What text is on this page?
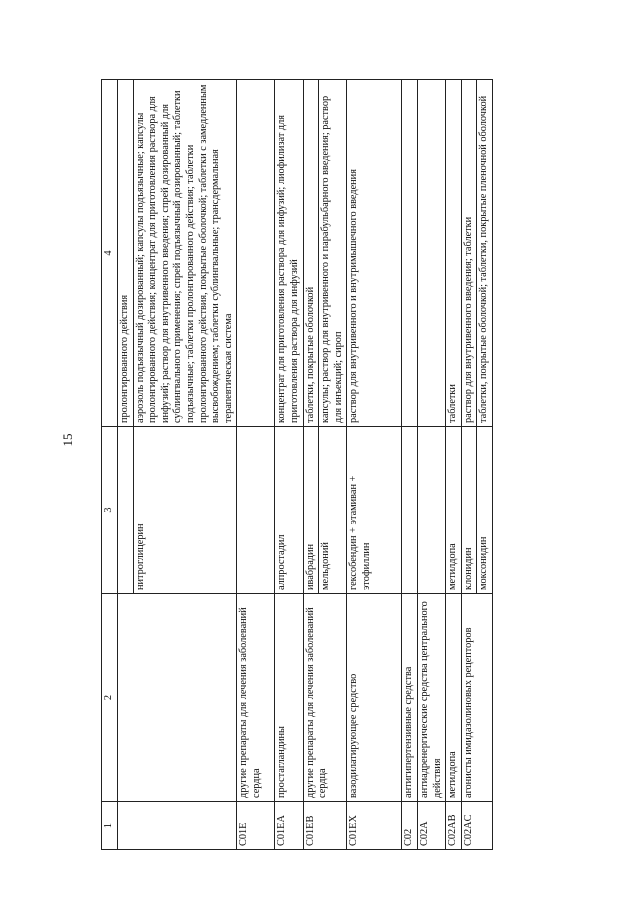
15
1	2	3	4
			пролонгированного действия
		нитроглицерин	аэрозоль подъязычный дозированный; капсулы подъязычные; капсулы пролонгированного действия; концентрат для приготовления раствора для инфузий; раствор для внутривенного введения; спрей дозированный для сублингвального применения; спрей подъязычный дозированный; таблетки подъязычные; таблетки пролонгированного действия; таблетки пролонгированного действия, покрытые оболочкой; таблетки с замедленным высвобождением; таблетки сублингвальные; трансдермальная терапевтическая система
C01E	другие препараты для лечения заболеваний сердца		
C01EA	простагландины	алпростадил	концентрат для приготовления раствора для инфузий; лиофилизат для приготовления раствора для инфузий
C01EB	другие препараты для лечения заболеваний сердца	ивабрадин	таблетки, покрытые оболочкой
		мельдоний	капсулы; раствор для внутривенного и парабульбарного введения; раствор для инъекций; сироп
C01EX	вазодилатирующее средство	гексобендин + этамиван + этофиллин	раствор для внутривенного и внутримышечного введения
C02	антигипертензивные средства		
C02A	антиадренергические средства центрального действия		
C02AB	метилдопа	метилдопа	таблетки
C02AC	агонисты имидазолиновых рецепторов	клонидин	раствор для внутривенного введения; таблетки
		моксонидин	таблетки, покрытые оболочкой; таблетки, покрытые пленочной оболочкой
